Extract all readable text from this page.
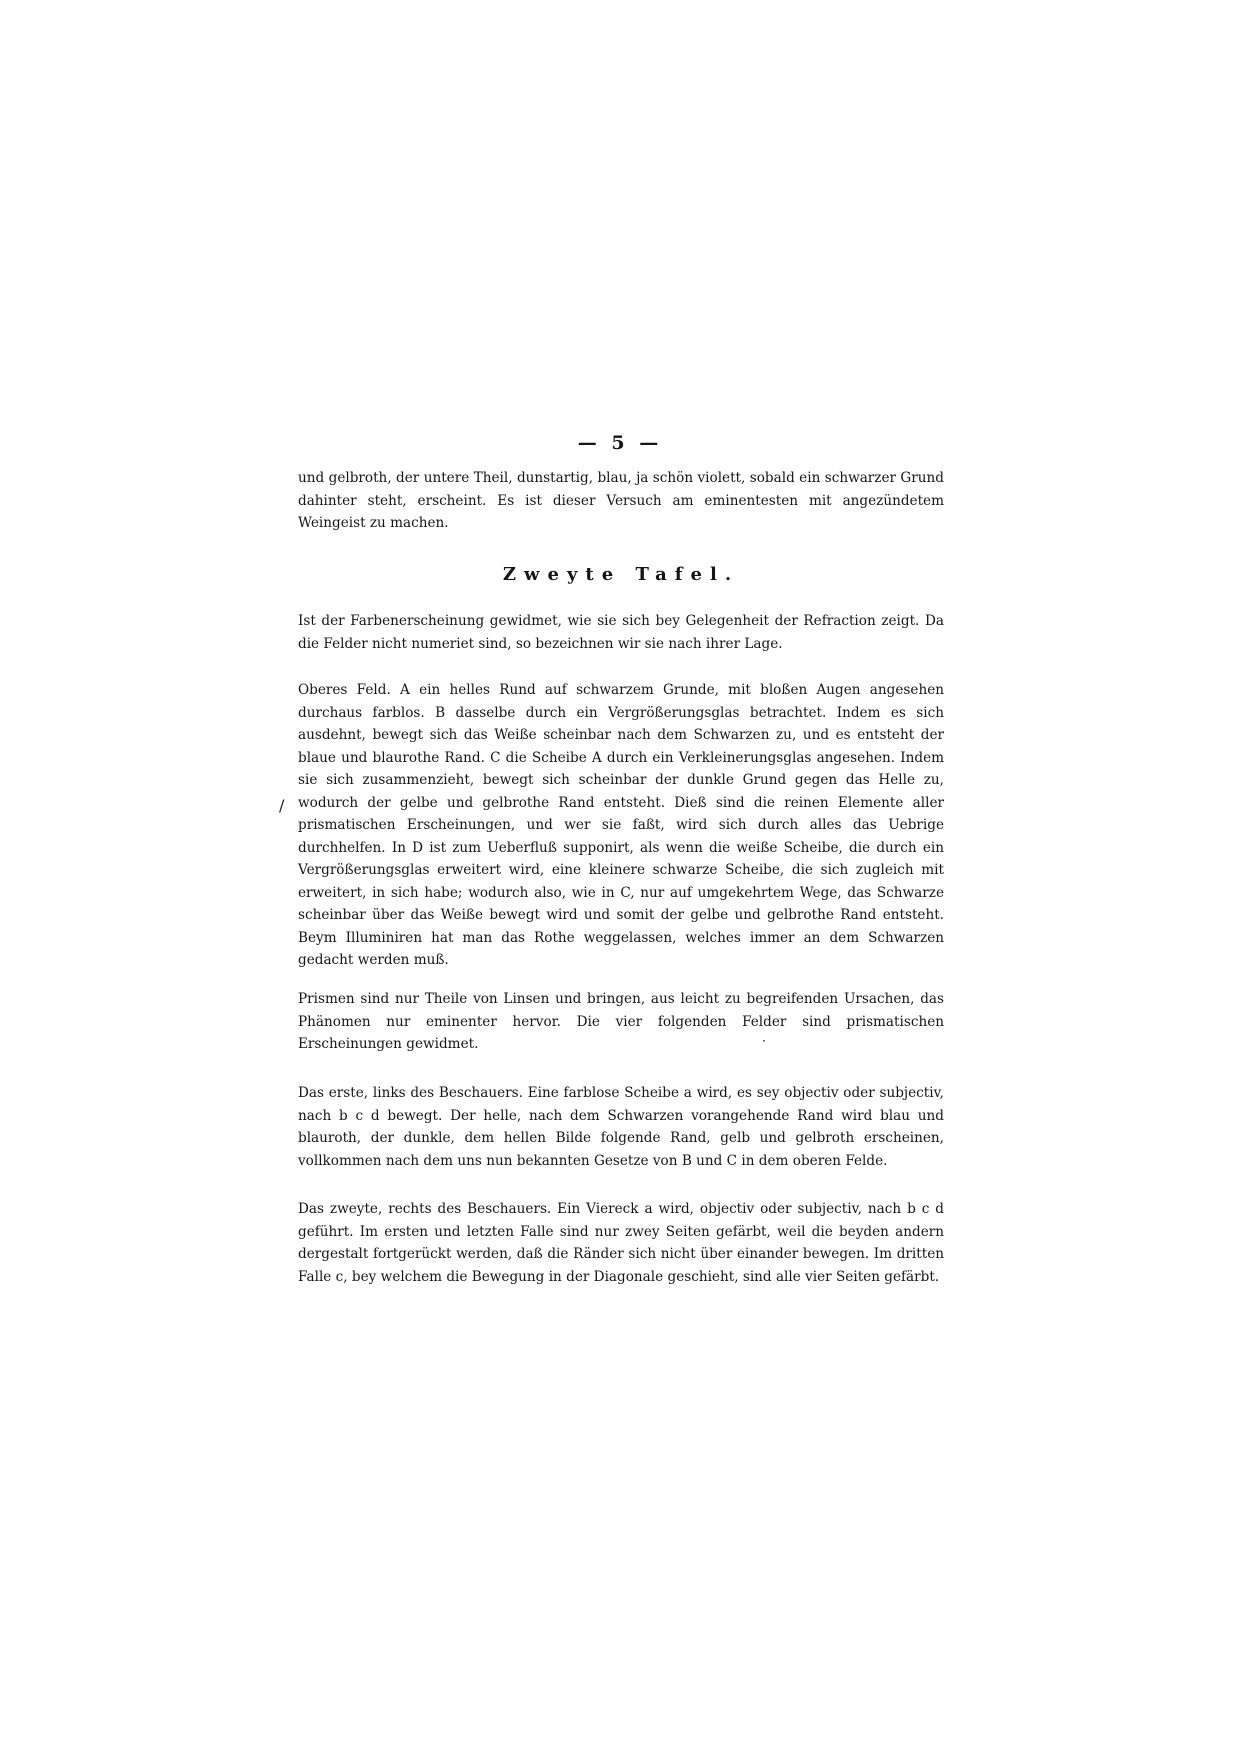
— 5 —

und gelbroth, der untere Theil, dunstartig, blau, ja schön violett, sobald ein schwarzer Grund dahinter steht, erscheint. Es ist dieser Versuch am eminentesten mit angezündetem Weingeist zu machen.

Zweyte Tafel.

Ist der Farbenerscheinung gewidmet, wie sie sich bey Gelegenheit der Refraction zeigt. Da die Felder nicht numeriet sind, so bezeichnen wir sie nach ihrer Lage.

Oberes Feld. A ein helles Rund auf schwarzem Grunde, mit bloßen Augen angesehen durchaus farblos. B dasselbe durch ein Vergrößerungsglas betrachtet. Indem es sich ausdehnt, bewegt sich das Weiße scheinbar nach dem Schwarzen zu, und es entsteht der blaue und blaurothe Rand. C die Scheibe A durch ein Verkleinerungsglas angesehen. Indem sie sich zusammenzieht, bewegt sich scheinbar der dunkle Grund gegen das Helle zu, wodurch der gelbe und gelbrothe Rand entsteht. Dieß sind die reinen Elemente aller prismatischen Erscheinungen, und wer sie faßt, wird sich durch alles das Uebrige durchhelfen. In D ist zum Ueberfluß supponirt, als wenn die weiße Scheibe, die durch ein Vergrößerungsglas erweitert wird, eine kleinere schwarze Scheibe, die sich zugleich mit erweitert, in sich habe; wodurch also, wie in C, nur auf umgekehrtem Wege, das Schwarze scheinbar über das Weiße bewegt wird und somit der gelbe und gelbrothe Rand entsteht. Beym Illuminiren hat man das Rothe weggelassen, welches immer an dem Schwarzen gedacht werden muß.

/

Prismen sind nur Theile von Linsen und bringen, aus leicht zu begreifenden Ursachen, das Phänomen nur eminenter hervor. Die vier folgenden Felder sind prismatischen Erscheinungen gewidmet.	·

Das erste, links des Beschauers. Eine farblose Scheibe a wird, es sey objectiv oder subjectiv, nach b c d bewegt. Der helle, nach dem Schwarzen vorangehende Rand wird blau und blauroth, der dunkle, dem hellen Bilde folgende Rand, gelb und gelbroth erscheinen, vollkommen nach dem uns nun bekannten Gesetze von B und C in dem oberen Felde.

Das zweyte, rechts des Beschauers. Ein Viereck a wird, objectiv oder subjectiv, nach b c d geführt. Im ersten und letzten Falle sind nur zwey Seiten gefärbt, weil die beyden andern dergestalt fortgerückt werden, daß die Ränder sich nicht über einander bewegen. Im dritten Falle c, bey welchem die Bewegung in der Diagonale geschieht, sind alle vier Seiten gefärbt.
